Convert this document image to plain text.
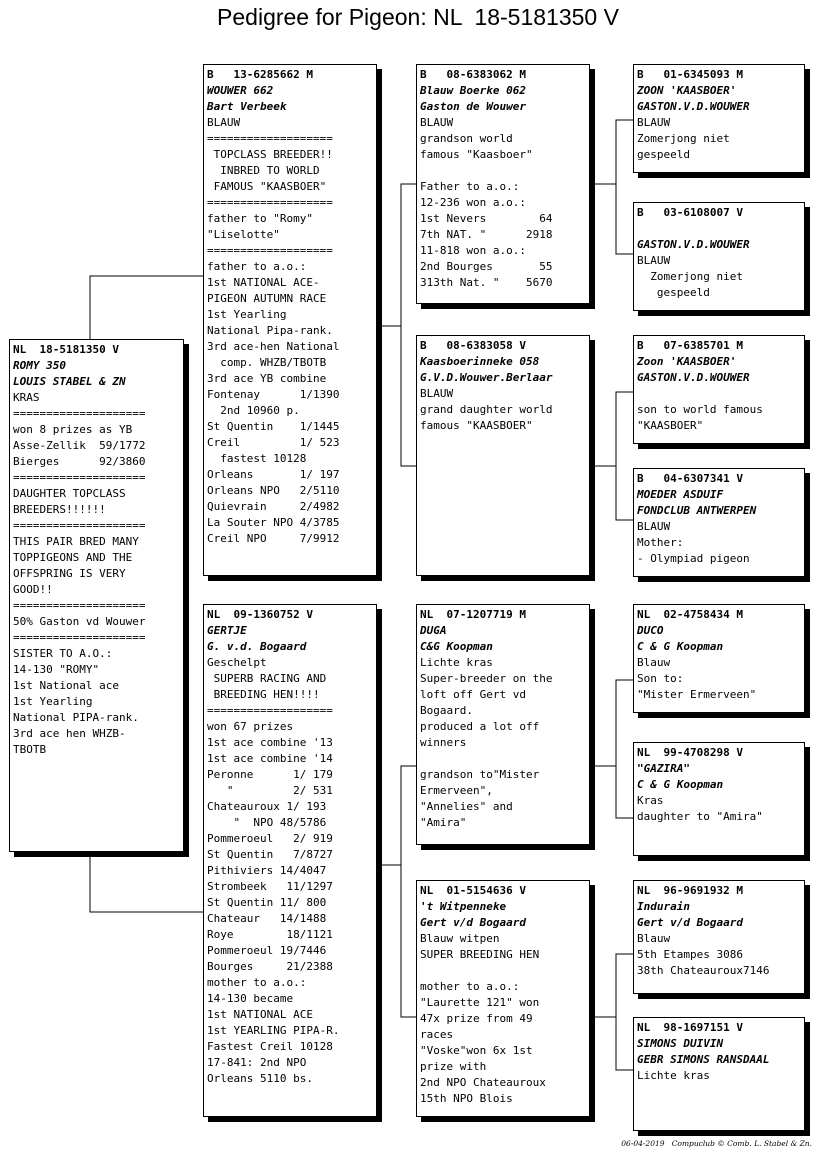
Pedigree for Pigeon: NL  18-5181350 V
NL  18-5181350 V
ROMY 350
LOUIS STABEL & ZN
KRAS
====================
won 8 prizes as YB
Asse-Zellik  59/1772
Bierges      92/3860
====================
DAUGHTER TOPCLASS
BREEDERS!!!!!!
====================
THIS PAIR BRED MANY
TOPPIGEONS AND THE
OFFSPRING IS VERY
GOOD!!
====================
50% Gaston vd Wouwer
====================
SISTER TO A.O.:
14-130 "ROMY"
1st National ace
1st Yearling
National PIPA-rank.
3rd ace hen WHZB-
TBOTB
B   13-6285662 M
WOUWER 662
Bart Verbeek
BLAUW
===================
TOPCLASS BREEDER!!
INBRED TO WORLD
FAMOUS "KAASBOER"
===================
father to "Romy"
"Liselotte"
===================
father to a.o.:
1st NATIONAL ACE-
PIGEON AUTUMN RACE
1st Yearling
National Pipa-rank.
3rd ace-hen National
comp. WHZB/TBOTB
3rd ace YB combine
Fontenay      1/1390
2nd 10960 p.
St Quentin    1/1445
Creil         1/ 523
fastest 10128
Orleans       1/ 197
Orleans NPO   2/5110
Quievrain     2/4982
La Souter NPO 4/3785
Creil NPO     7/9912
NL  09-1360752 V
GERTJE
G. v.d. Bogaard
Geschelpt
SUPERB RACING AND
BREEDING HEN!!!!
===================
won 67 prizes
1st ace combine '13
1st ace combine '14
Peronne      1/ 179
"         2/ 531
Chateauroux 1/ 193
"  NPO 48/5786
Pommeroeul   2/ 919
St Quentin   7/8727
Pithiviers 14/4047
Strombeek   11/1297
St Quentin 11/ 800
Chateaur   14/1488
Roye        18/1121
Pommeroeul 19/7446
Bourges     21/2388
mother to a.o.:
14-130 became
1st NATIONAL ACE
1st YEARLING PIPA-R.
Fastest Creil 10128
17-841: 2nd NPO
Orleans 5110 bs.
B   08-6383062 M
Blauw Boerke 062
Gaston de Wouwer
BLAUW
grandson world
famous "Kaasboer"
Father to a.o.:
12-236 won a.o.:
1st Nevers        64
7th NAT. "      2918
11-818 won a.o.:
2nd Bourges       55
313th Nat. "    5670
B   08-6383058 V
Kaasboerinneke 058
G.V.D.Wouwer.Berlaar
BLAUW
grand daughter world
famous "KAASBOER"
NL  07-1207719 M
DUGA
C&G Koopman
Lichte kras
Super-breeder on the
loft off Gert vd
Bogaard.
produced a lot off
winners
grandson to"Mister
Ermerveen",
"Annelies" and
"Amira"
NL  01-5154636 V
't Witpenneke
Gert v/d Bogaard
Blauw witpen
SUPER BREEDING HEN
mother to a.o.:
"Laurette 121" won
47x prize from 49
races
"Voske"won 6x 1st
prize with
2nd NPO Chateauroux
15th NPO Blois
B   01-6345093 M
ZOON 'KAASBOER'
GASTON.V.D.WOUWER
BLAUW
Zomerjong niet
gespeeld
B   03-6108007 V
GASTON.V.D.WOUWER
BLAUW
Zomerjong niet
gespeeld
B   07-6385701 M
Zoon 'KAASBOER'
GASTON.V.D.WOUWER
son to world famous
"KAASBOER"
B   04-6307341 V
MOEDER ASDUIF
FONDCLUB ANTWERPEN
BLAUW
Mother:
- Olympiad pigeon
NL  02-4758434 M
DUCO
C & G Koopman
Blauw
Son to:
"Mister Ermerveen"
NL  99-4708298 V
"GAZIRA"
C & G Koopman
Kras
daughter to "Amira"
NL  96-9691932 M
Indurain
Gert v/d Bogaard
Blauw
5th Etampes 3086
38th Chateauroux7146
NL  98-1697151 V
SIMONS DUIVIN
GEBR SIMONS RANSDAAL
Lichte kras
06-04-2019 Compuclub © Comb. L. Stabel & Zn.
